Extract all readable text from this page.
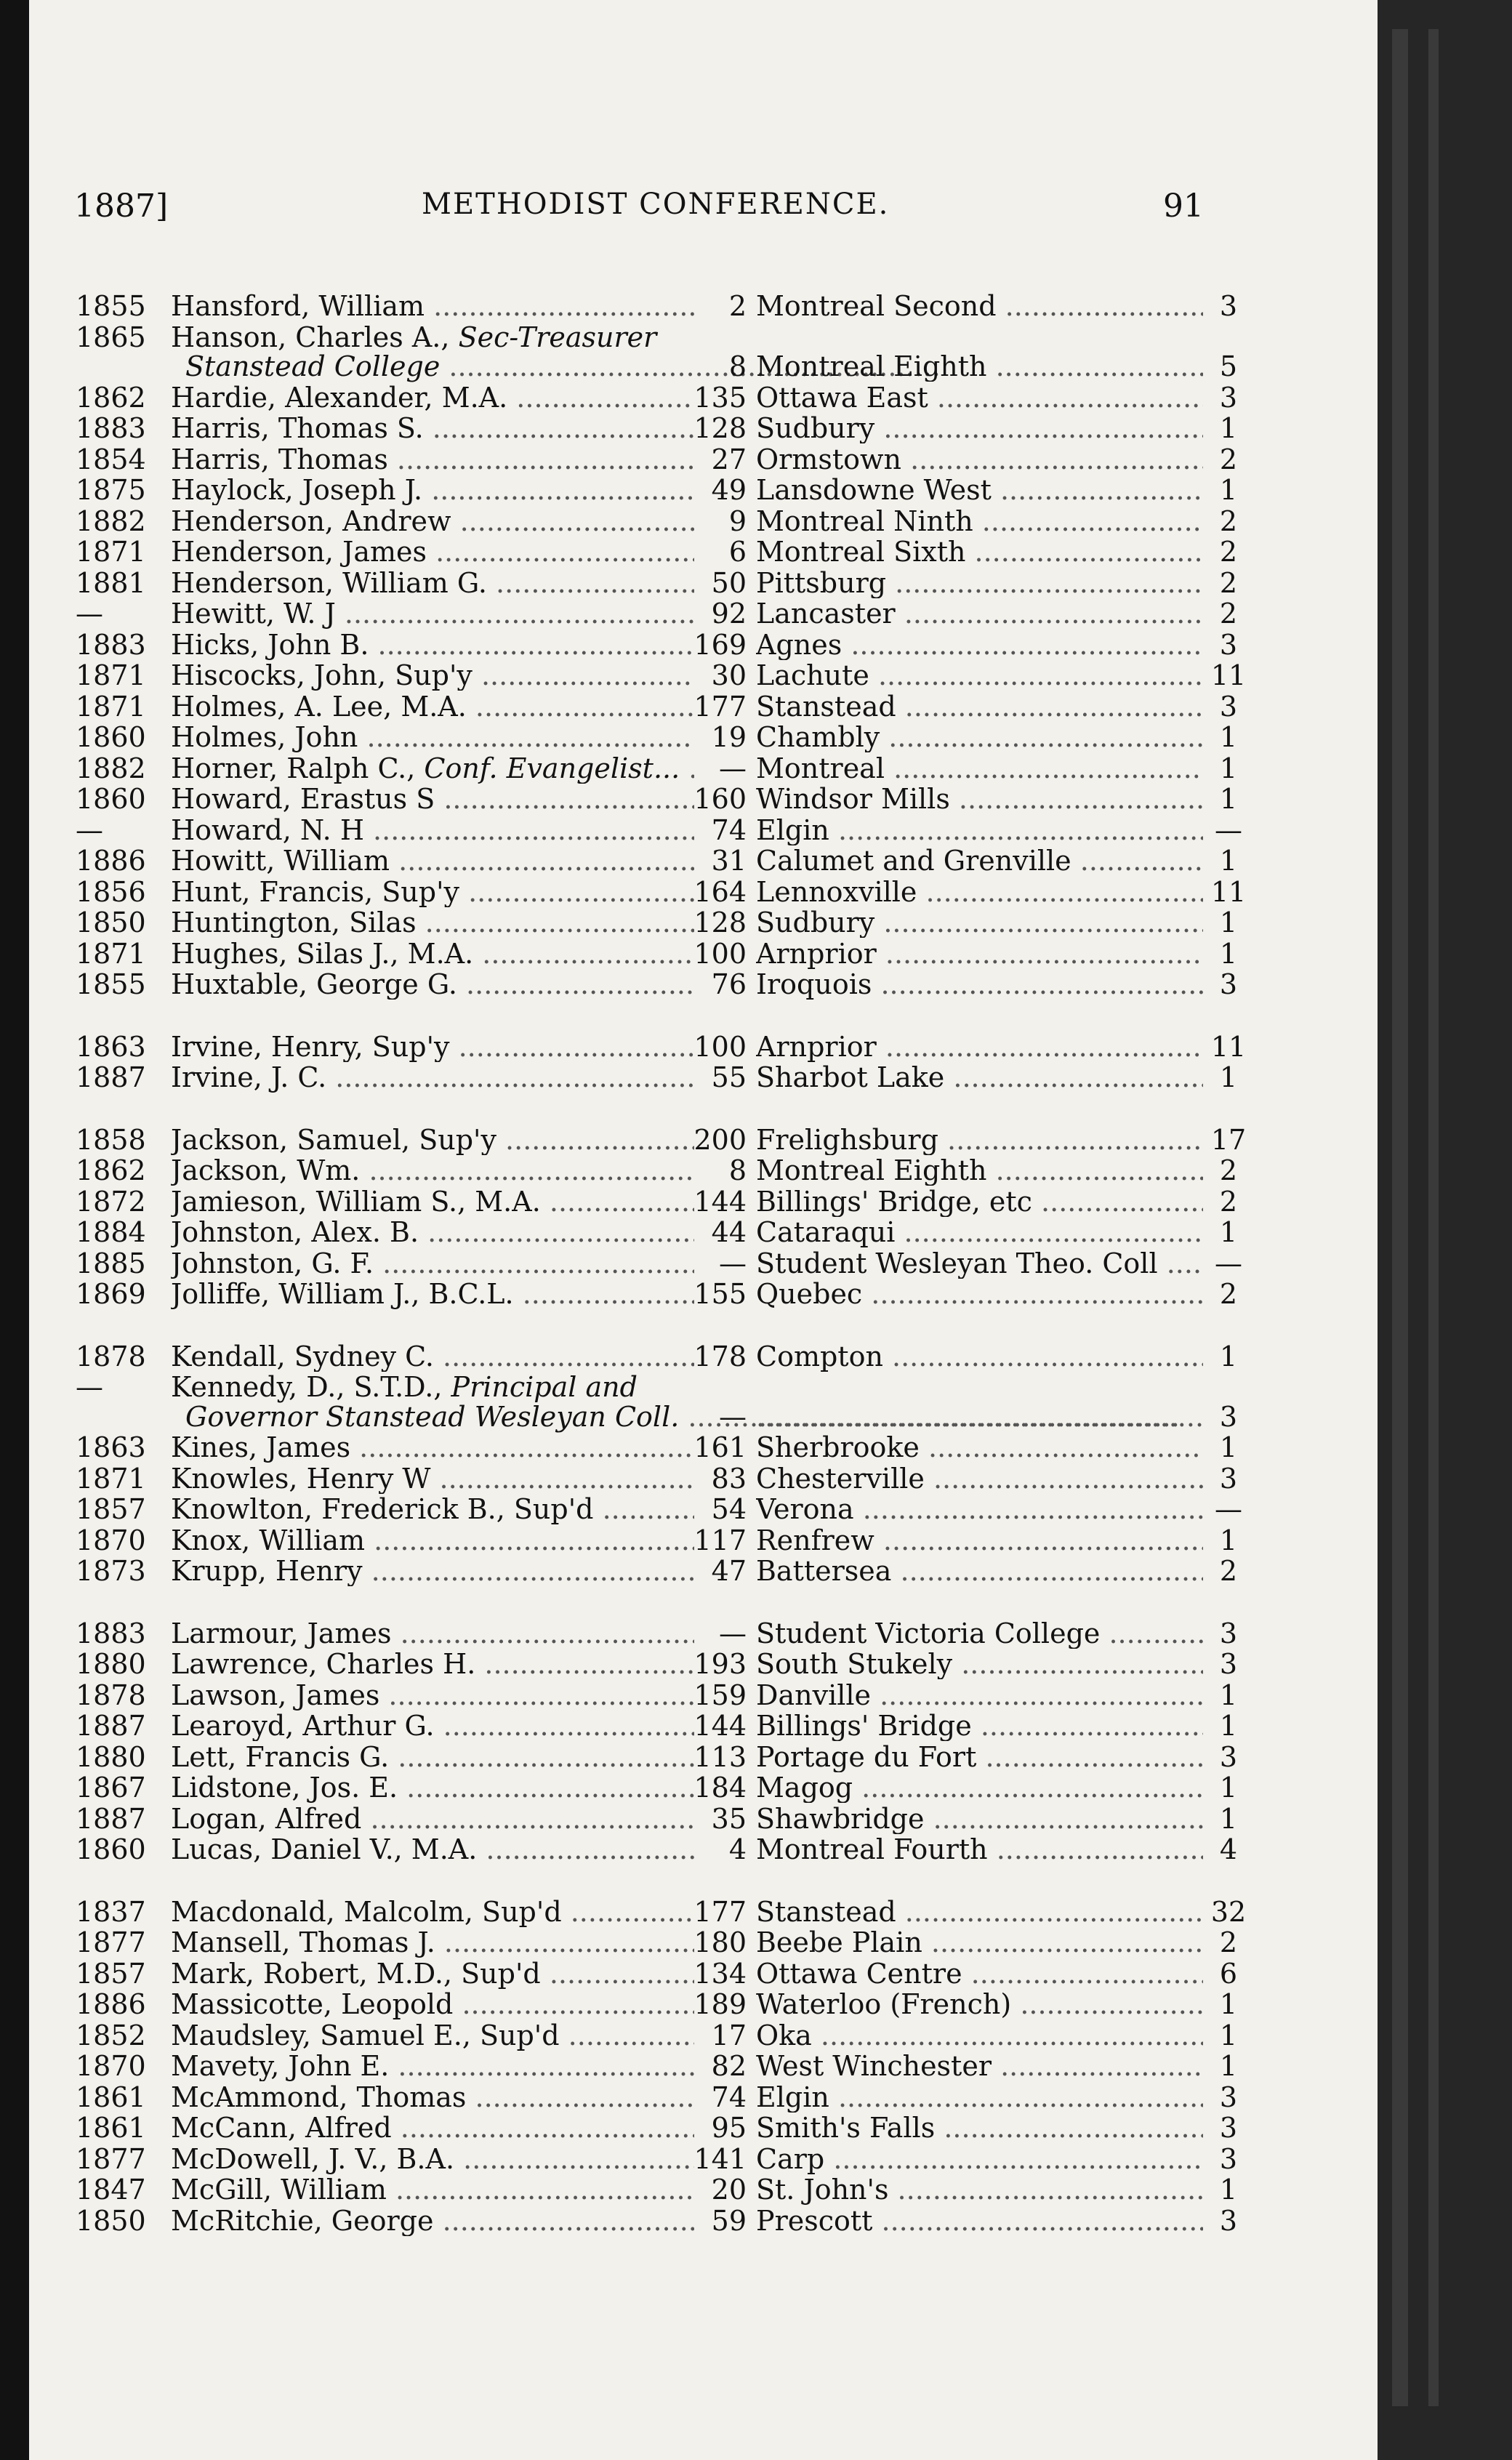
1887]	METHODIST CONFERENCE.	91
1855 Hansford, William .....	2 Montreal Second .....	3
1865 Hanson, Charles A., Sec-Treasurer
Stanstead College .....	8 Montreal Eighth .....	5
1862 Hardie, Alexander, M.A. .....	135 Ottawa East .....	3
1883 Harris, Thomas S. .....	128 Sudbury .....	1
1854 Harris, Thomas .....	27 Ormstown .....	2
1875 Haylock, Joseph J. .....	49 Lansdowne West .....	1
1882 Henderson, Andrew .....	9 Montreal Ninth .....	2
1871 Henderson, James .....	6 Montreal Sixth .....	2
1881 Henderson, William G. .....	50 Pittsburg .....	2
—	Hewitt, W. J .....	92 Lancaster .....	2
1883 Hicks, John B. .....	169 Agnes .....	3
1871 Hiscocks, John, Sup'y .....	30 Lachute .....	11
1871 Holmes, A. Lee, M.A. .....	177 Stanstead .....	3
1860 Holmes, John .....	19 Chambly .....	1
1882 Horner, Ralph C., Conf. Evangelist... .....	— Montreal .....	1
1860 Howard, Erastus S .....	160 Windsor Mills .....	1
—	Howard, N. H .....	74 Elgin .....	—
1886 Howitt, William .....	31 Calumet and Grenville .....	1
1856 Hunt, Francis, Sup'y .....	164 Lennoxville .....	11
1850 Huntington, Silas .....	128 Sudbury .....	1
1871 Hughes, Silas J., M.A. .....	100 Arnprior .....	1
1855 Huxtable, George G. .....	76 Iroquois .....	3
1863 Irvine, Henry, Sup'y .....	100 Arnprior .....	11
1887 Irvine, J. C. .....	55 Sharbot Lake .....	1
1858 Jackson, Samuel, Sup'y .....	200 Frelighsburg .....	17
1862 Jackson, Wm. .....	8 Montreal Eighth .....	2
1872 Jamieson, William S., M.A. .....	144 Billings' Bridge, etc .....	2
1884 Johnston, Alex. B. .....	44 Cataraqui .....	1
1885 Johnston, G. F. .....	— Student Wesleyan Theo. Coll .....	—
1869 Jolliffe, William J., B.C.L. .....	155 Quebec .....	2
1878 Kendall, Sydney C. .....	178 Compton .....	1
—	Kennedy, D., S.T.D., Principal and
Governor Stanstead Wesleyan Coll. .....	— .....	3
1863 Kines, James .....	161 Sherbrooke .....	1
1871 Knowles, Henry W .....	83 Chesterville .....	3
1857 Knowlton, Frederick B., Sup'd .....	54 Verona .....	—
1870 Knox, William .....	117 Renfrew .....	1
1873 Krupp, Henry .....	47 Battersea .....	2
1883 Larmour, James .....	— Student Victoria College .....	3
1880 Lawrence, Charles H. .....	193 South Stukely .....	3
1878 Lawson, James .....	159 Danville .....	1
1887 Learoyd, Arthur G. .....	144 Billings' Bridge .....	1
1880 Lett, Francis G. .....	113 Portage du Fort .....	3
1867 Lidstone, Jos. E. .....	184 Magog .....	1
1887 Logan, Alfred .....	35 Shawbridge .....	1
1860 Lucas, Daniel V., M.A. .....	4 Montreal Fourth .....	4
1837 Macdonald, Malcolm, Sup'd .....	177 Stanstead .....	32
1877 Mansell, Thomas J. .....	180 Beebe Plain .....	2
1857 Mark, Robert, M.D., Sup'd .....	134 Ottawa Centre .....	6
1886 Massicotte, Leopold .....	189 Waterloo (French) .....	1
1852 Maudsley, Samuel E., Sup'd .....	17 Oka .....	1
1870 Mavety, John E. .....	82 West Winchester .....	1
1861 McAmmond, Thomas .....	74 Elgin .....	3
1861 McCann, Alfred .....	95 Smith's Falls .....	3
1877 McDowell, J. V., B.A. .....	141 Carp .....	3
1847 McGill, William .....	20 St. John's .....	1
1850 McRitchie, George .....	59 Prescott .....	3
